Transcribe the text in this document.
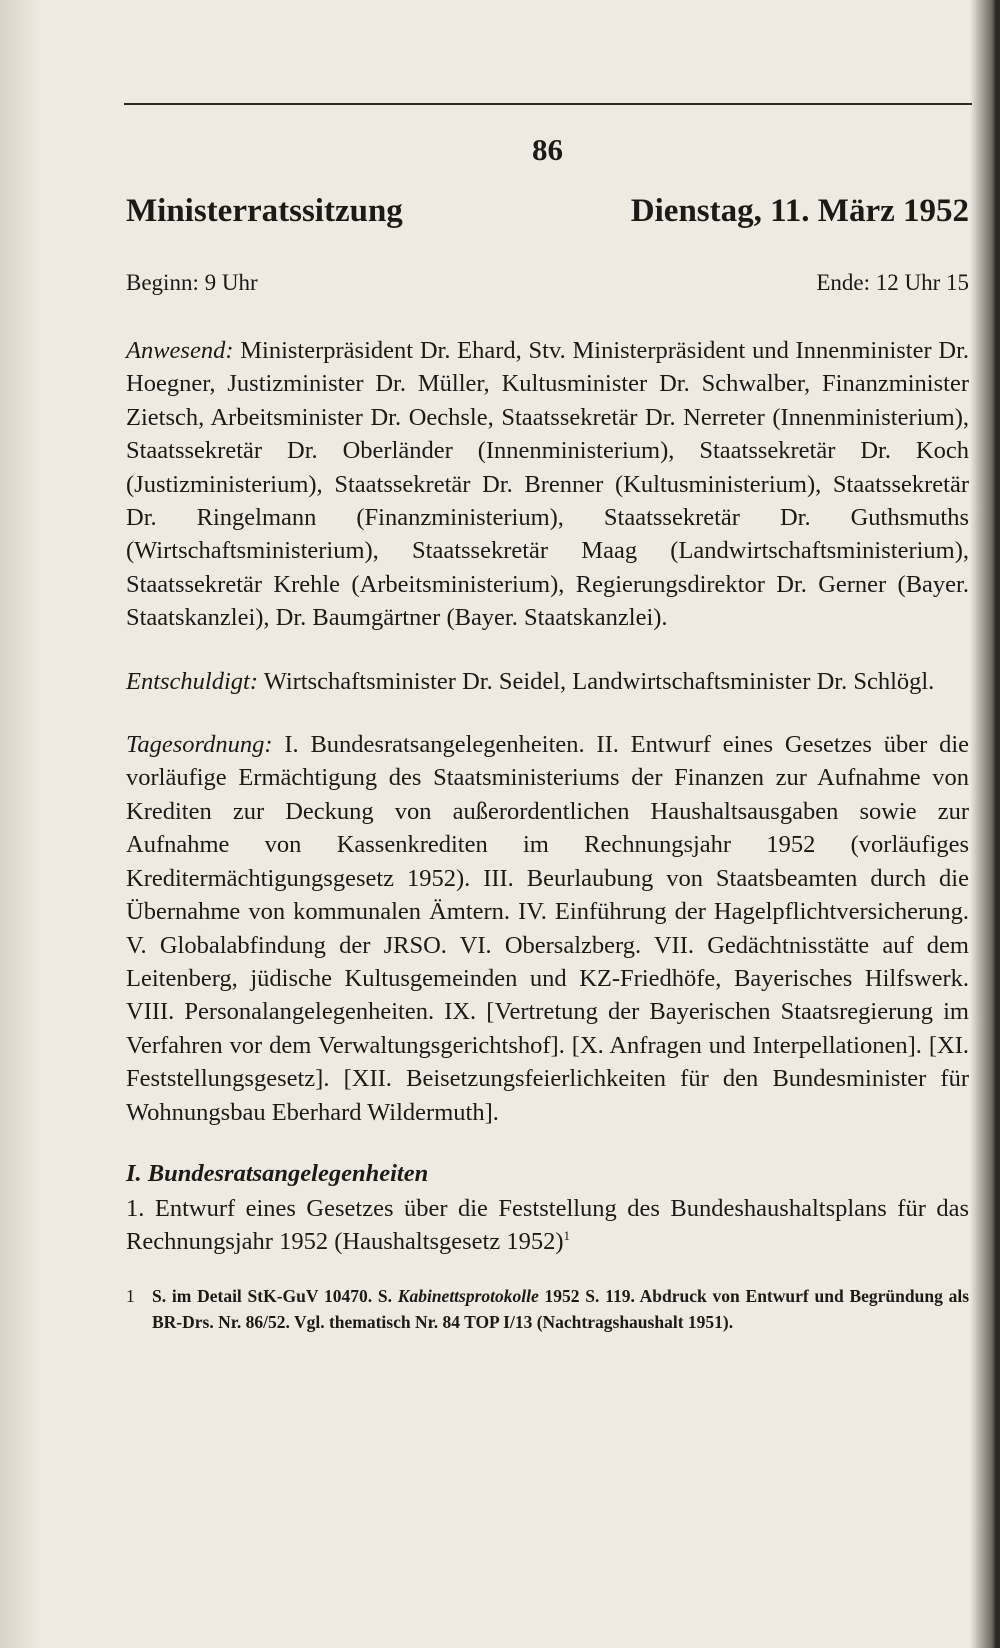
86
Ministerratssitzung	Dienstag, 11. März 1952
Beginn: 9 Uhr	Ende: 12 Uhr 15

Anwesend: Ministerpräsident Dr. Ehard, Stv. Ministerpräsident und Innenminister Dr. Hoegner, Justizminister Dr. Müller, Kultusminister Dr. Schwalber, Finanzminister Zietsch, Arbeitsminister Dr. Oechsle, Staatssekretär Dr. Nerreter (Innenministerium), Staatssekretär Dr. Oberländer (Innenministerium), Staatssekretär Dr. Koch (Justizministerium), Staatssekretär Dr. Brenner (Kultusministerium), Staatssekretär Dr. Ringelmann (Finanzministerium), Staatssekretär Dr. Guthsmuths (Wirtschaftsministerium), Staatssekretär Maag (Landwirtschaftsministerium), Staatssekretär Krehle (Arbeitsministerium), Regierungsdirektor Dr. Gerner (Bayer. Staatskanzlei), Dr. Baumgärtner (Bayer. Staatskanzlei).

Entschuldigt: Wirtschaftsminister Dr. Seidel, Landwirtschaftsminister Dr. Schlögl.

Tagesordnung: I. Bundesratsangelegenheiten. II. Entwurf eines Gesetzes über die vorläufige Ermächtigung des Staatsministeriums der Finanzen zur Aufnahme von Krediten zur Deckung von außerordentlichen Haushaltsausgaben sowie zur Aufnahme von Kassenkrediten im Rechnungsjahr 1952 (vorläufiges Kreditermächtigungsgesetz 1952). III. Beurlaubung von Staatsbeamten durch die Übernahme von kommunalen Ämtern. IV. Einführung der Hagelpflichtversicherung. V. Globalabfindung der JRSO. VI. Obersalzberg. VII. Gedächtnisstätte auf dem Leitenberg, jüdische Kultusgemeinden und KZ-Friedhöfe, Bayerisches Hilfswerk. VIII. Personalangelegenheiten. IX. [Vertretung der Bayerischen Staatsregierung im Verfahren vor dem Verwaltungsgerichtshof]. [X. Anfragen und Interpellationen]. [XI. Feststellungsgesetz]. [XII. Beisetzungsfeierlichkeiten für den Bundesminister für Wohnungsbau Eberhard Wildermuth].

I. Bundesratsangelegenheiten

1. Entwurf eines Gesetzes über die Feststellung des Bundeshaushaltsplans für das Rechnungsjahr 1952 (Haushaltsgesetz 1952)$^1$

1 S. im Detail StK-GuV 10470. S. Kabinettsprotokolle 1952 S. 119. Abdruck von Entwurf und Begründung als BR-Drs. Nr. 86/52. Vgl. thematisch Nr. 84 TOP I/13 (Nachtragshaushalt 1951).
